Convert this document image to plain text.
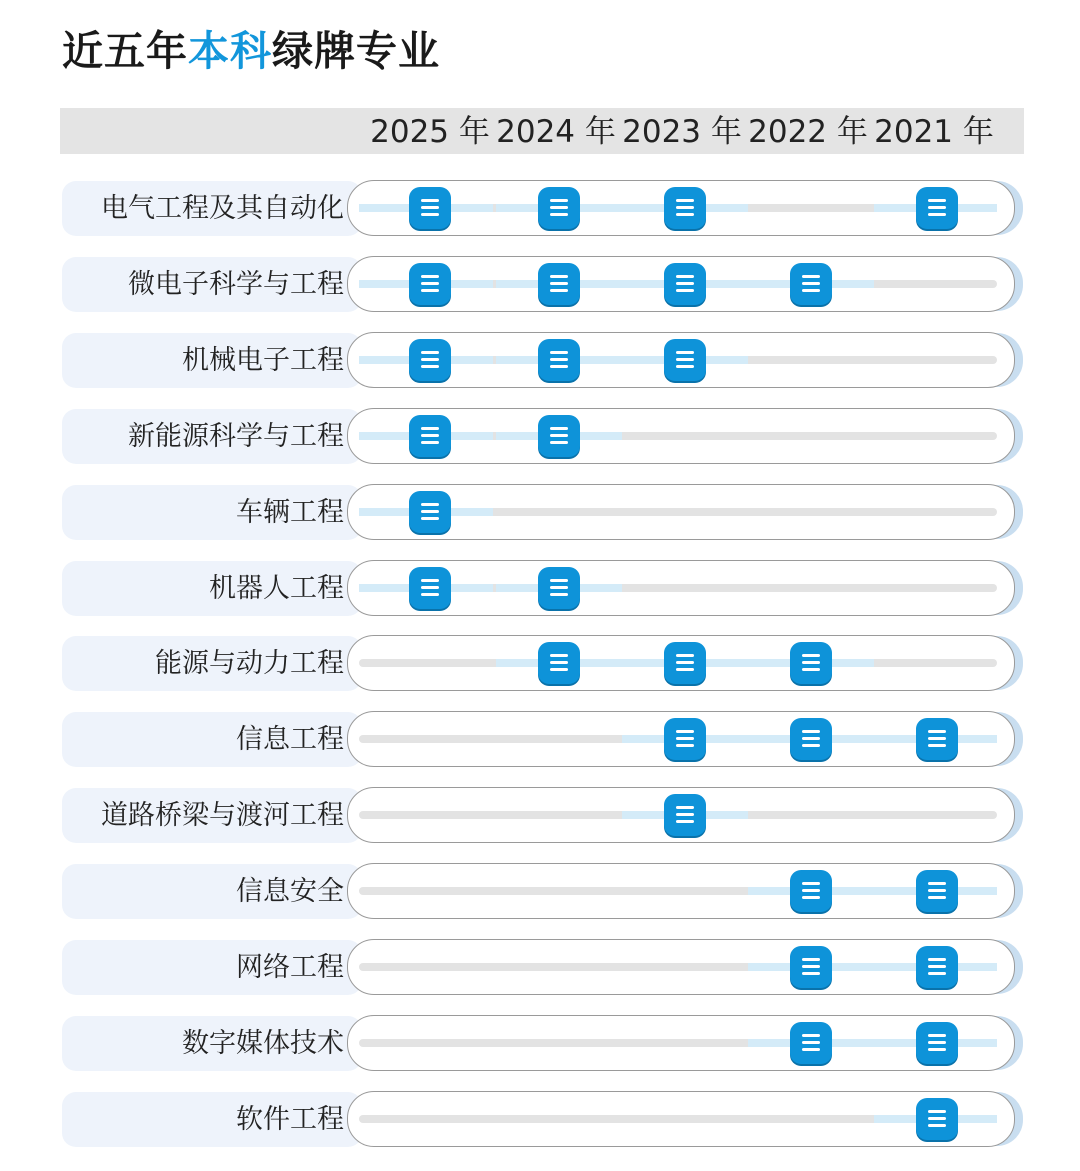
近五年本科绿牌专业
2025 年 2024 年 2023 年 2022 年 2021 年
电气工程及其自动化
微电子科学与工程
机械电子工程
新能源科学与工程
车辆工程
机器人工程
能源与动力工程
信息工程
道路桥梁与渡河工程
信息安全
网络工程
数字媒体技术
软件工程
